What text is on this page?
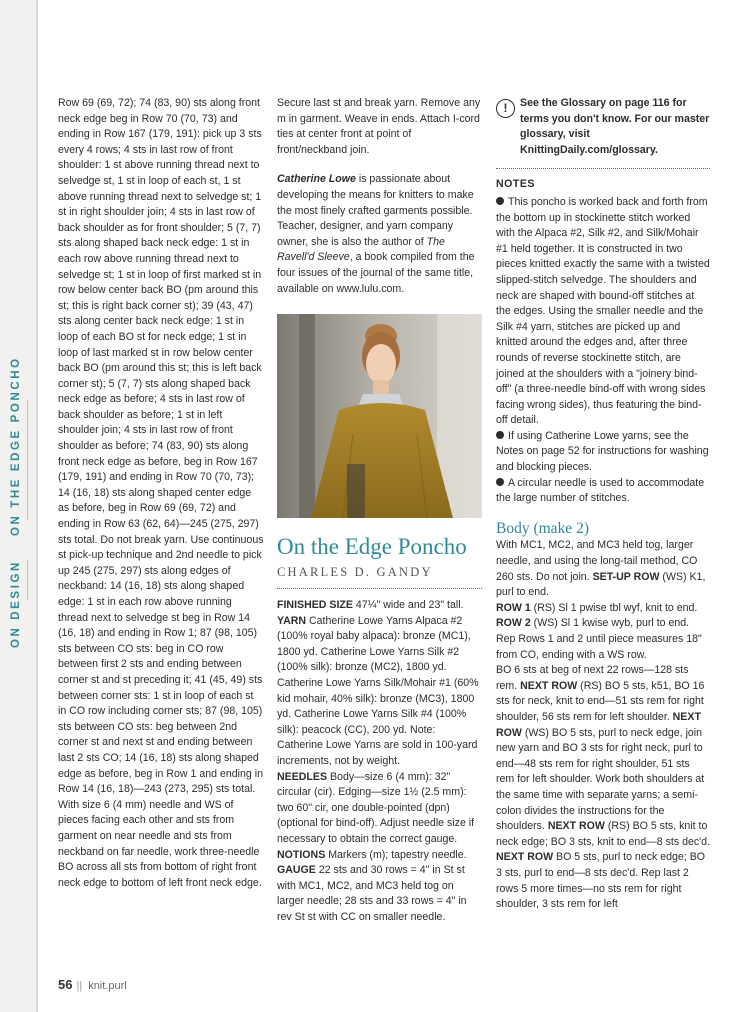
ON THE EDGE PONCHO
ON DESIGN

Row 69 (69, 72); 74 (83, 90) sts along front neck edge beg in Row 70 (70, 73) and ending in Row 167 (179, 191): pick up 3 sts every 4 rows; 4 sts in last row of front shoulder: 1 st above running thread next to selvedge st, 1 st in loop of each st, 1 st above running thread next to selvedge st; 1 st in right shoulder join; 4 sts in last row of back shoulder as for front shoulder; 5 (7, 7) sts along shaped back neck edge: 1 st in each row above running thread next to selvedge st; 1 st in loop of first marked st in row below center back BO (pm around this st; this is right back corner st); 39 (43, 47) sts along center back neck edge: 1 st in loop of each BO st for neck edge; 1 st in loop of last marked st in row below center back BO (pm around this st; this is left back corner st); 5 (7, 7) sts along shaped back neck edge as before; 4 sts in last row of back shoulder as before; 1 st in left shoulder join; 4 sts in last row of front shoulder as before; 74 (83, 90) sts along front neck edge as before, beg in Row 167 (179, 191) and ending in Row 70 (70, 73); 14 (16, 18) sts along shaped center edge as before, beg in Row 69 (69, 72) and ending in Row 63 (62, 64)—245 (275, 297) sts total. Do not break yarn. Use continuous st pick-up technique and 2nd needle to pick up 245 (275, 297) sts along edges of neckband: 14 (16, 18) sts along shaped edge: 1 st in each row above running thread next to selvedge st beg in Row 14 (16, 18) and ending in Row 1; 87 (98, 105) sts between CO sts: beg in CO row between first 2 sts and ending between corner st and st preceding it; 41 (45, 49) sts between corner sts: 1 st in loop of each st in CO row including corner sts; 87 (98, 105) sts between CO sts: beg between 2nd corner st and next st and ending between last 2 sts CO; 14 (16, 18) sts along shaped edge as before, beg in Row 1 and ending in Row 14 (16, 18)—243 (273, 295) sts total. With size 6 (4 mm) needle and WS of pieces facing each other and sts from garment on near needle and sts from neckband on far needle, work three-needle BO across all sts from bottom of right front neck edge to bottom of left front neck edge.

Secure last st and break yarn. Remove any m in garment. Weave in ends. Attach I-cord ties at center front at point of front/neckband join.

Catherine Lowe is passionate about developing the means for knitters to make the most finely crafted garments possible. Teacher, designer, and yarn company owner, she is also the author of The Ravell'd Sleeve, a book compiled from the four issues of the journal of the same title, available on www.lulu.com.

On the Edge Poncho
CHARLES D. GANDY

FINISHED SIZE 47¼" wide and 23" tall.

YARN Catherine Lowe Yarns Alpaca #2 (100% royal baby alpaca): bronze (MC1), 1800 yd. Catherine Lowe Yarns Silk #2 (100% silk): bronze (MC2), 1800 yd. Catherine Lowe Yarns Silk/Mohair #1 (60% kid mohair, 40% silk): bronze (MC3), 1800 yd. Catherine Lowe Yarns Silk #4 (100% silk): peacock (CC), 200 yd. Note: Catherine Lowe Yarns are sold in 100-yard increments, not by weight.

NEEDLES Body—size 6 (4 mm): 32" circular (cir). Edging—size 1½ (2.5 mm): two 60" cir, one double-pointed (dpn) (optional for bind-off). Adjust needle size if necessary to obtain the correct gauge.

NOTIONS Markers (m); tapestry needle.

GAUGE 22 sts and 30 rows = 4" in St st with MC1, MC2, and MC3 held tog on larger needle; 28 sts and 33 rows = 4" in rev St st with CC on smaller needle.

!	See the Glossary on page 116 for terms you don't know. For our master glossary, visit KnittingDaily.com/glossary.
NOTES

This poncho is worked back and forth from the bottom up in stockinette stitch worked with the Alpaca #2, Silk #2, and Silk/Mohair #1 held together. It is constructed in two pieces knitted exactly the same with a twisted slipped-stitch selvedge. The shoulders and neck are shaped with bound-off stitches at the edges. Using the smaller needle and the Silk #4 yarn, stitches are picked up and knitted around the edges and, after three rounds of reverse stockinette stitch, are joined at the shoulders with a "joinery bind-off" (a three-needle bind-off with wrong sides facing wrong sides), thus featuring the bind-off detail.

If using Catherine Lowe yarns, see the Notes on page 52 for instructions for washing and blocking pieces.

A circular needle is used to accommodate the large number of stitches.

Body (make 2)

With MC1, MC2, and MC3 held tog, larger needle, and using the long-tail method, CO 260 sts. Do not join. SET-UP ROW (WS) K1, purl to end.

ROW 1 (RS) Sl 1 pwise tbl wyf, knit to end.

ROW 2 (WS) Sl 1 kwise wyb, purl to end.

Rep Rows 1 and 2 until piece measures 18" from CO, ending with a WS row.

BO 6 sts at beg of next 22 rows—128 sts rem. NEXT ROW (RS) BO 5 sts, k51, BO 16 sts for neck, knit to end—51 sts rem for right shoulder, 56 sts rem for left shoulder. NEXT ROW (WS) BO 5 sts, purl to neck edge, join new yarn and BO 3 sts for right neck, purl to end—48 sts rem for right shoulder, 51 sts rem for left shoulder. Work both shoulders at the same time with separate yarns; a semi-colon divides the instructions for the shoulders. NEXT ROW (RS) BO 5 sts, knit to neck edge; BO 3 sts, knit to end—8 sts dec'd. NEXT ROW BO 5 sts, purl to neck edge; BO 3 sts, purl to end—8 sts dec'd. Rep last 2 rows 5 more times—no sts rem for right shoulder, 3 sts rem for left

56 || knit.purl
